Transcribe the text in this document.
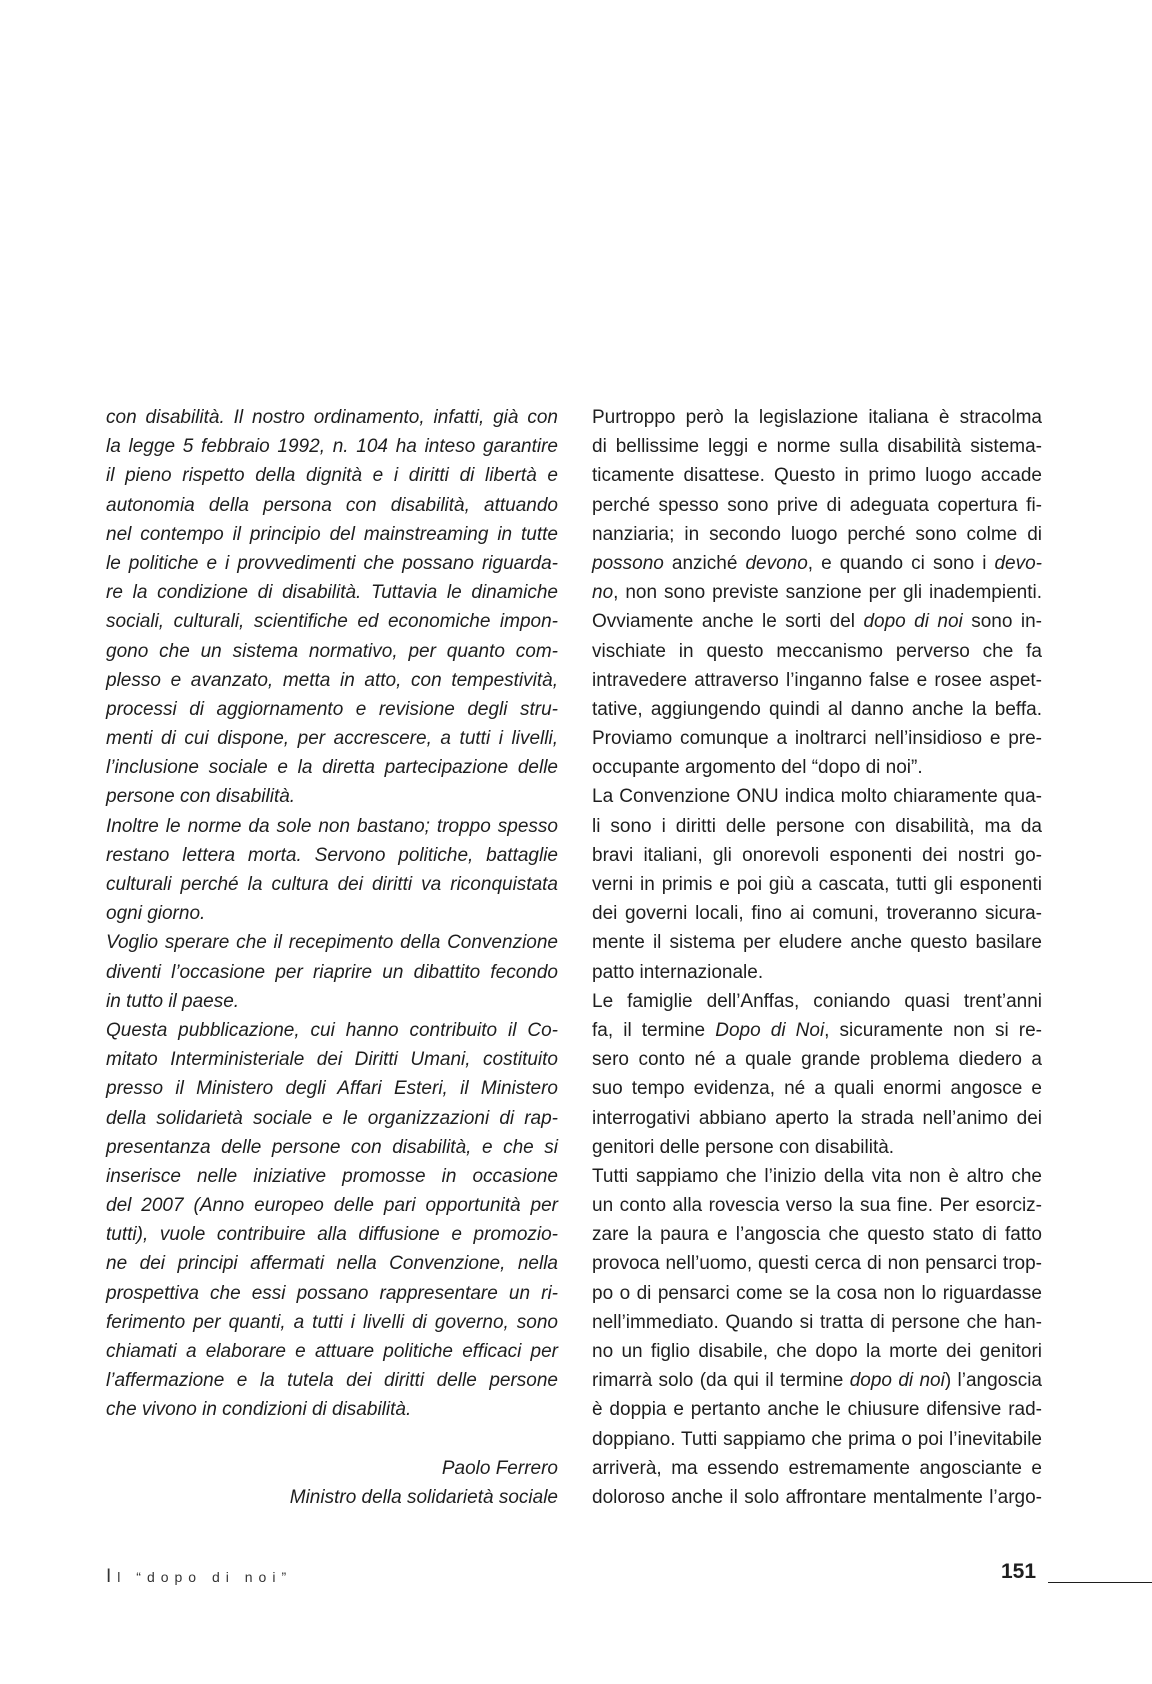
con disabilità. Il nostro ordinamento, infatti, già con
la legge 5 febbraio 1992, n. 104 ha inteso garantire
il pieno rispetto della dignità e i diritti di libertà e
autonomia della persona con disabilità, attuando
nel contempo il principio del mainstreaming in tutte
le politiche e i provvedimenti che possano riguarda-
re la condizione di disabilità. Tuttavia le dinamiche
sociali, culturali, scientifiche ed economiche impon-
gono che un sistema normativo, per quanto com-
plesso e avanzato, metta in atto, con tempestività,
processi di aggiornamento e revisione degli stru-
menti di cui dispone, per accrescere, a tutti i livelli,
l’inclusione sociale e la diretta partecipazione delle
persone con disabilità.
Inoltre le norme da sole non bastano; troppo spesso
restano lettera morta. Servono politiche, battaglie
culturali perché la cultura dei diritti va riconquistata
ogni giorno.
Voglio sperare che il recepimento della Convenzione
diventi l’occasione per riaprire un dibattito fecondo
in tutto il paese.
Questa pubblicazione, cui hanno contribuito il Co-
mitato Interministeriale dei Diritti Umani, costituito
presso il Ministero degli Affari Esteri, il Ministero
della solidarietà sociale e le organizzazioni di rap-
presentanza delle persone con disabilità, e che si
inserisce nelle iniziative promosse in occasione
del 2007 (Anno europeo delle pari opportunità per
tutti), vuole contribuire alla diffusione e promozio-
ne dei principi affermati nella Convenzione, nella
prospettiva che essi possano rappresentare un ri-
ferimento per quanti, a tutti i livelli di governo, sono
chiamati a elaborare e attuare politiche efficaci per
l’affermazione e la tutela dei diritti delle persone
che vivono in condizioni di disabilità.
Paolo Ferrero
Ministro della solidarietà sociale
Purtroppo però la legislazione italiana è stracolma
di bellissime leggi e norme sulla disabilità sistema-
ticamente disattese. Questo in primo luogo accade
perché spesso sono prive di adeguata copertura fi-
nanziaria; in secondo luogo perché sono colme di
possono anziché devono, e quando ci sono i devo-
no, non sono previste sanzione per gli inadempienti.
Ovviamente anche le sorti del dopo di noi sono in-
vischiate in questo meccanismo perverso che fa
intravedere attraverso l’inganno false e rosee aspet-
tative, aggiungendo quindi al danno anche la beffa.
Proviamo comunque a inoltrarci nell’insidioso e pre-
occupante argomento del “dopo di noi”.
La Convenzione ONU indica molto chiaramente qua-
li sono i diritti delle persone con disabilità, ma da
bravi italiani, gli onorevoli esponenti dei nostri go-
verni in primis e poi giù a cascata, tutti gli esponenti
dei governi locali, fino ai comuni, troveranno sicura-
mente il sistema per eludere anche questo basilare
patto internazionale.
Le famiglie dell’Anffas, coniando quasi trent’anni
fa, il termine Dopo di Noi, sicuramente non si re-
sero conto né a quale grande problema diedero a
suo tempo evidenza, né a quali enormi angosce e
interrogativi abbiano aperto la strada nell’animo dei
genitori delle persone con disabilità.
Tutti sappiamo che l’inizio della vita non è altro che
un conto alla rovescia verso la sua fine. Per esorciz-
zare la paura e l’angoscia che questo stato di fatto
provoca nell’uomo, questi cerca di non pensarci trop-
po o di pensarci come se la cosa non lo riguardasse
nell’immediato. Quando si tratta di persone che han-
no un figlio disabile, che dopo la morte dei genitori
rimarrà solo (da qui il termine dopo di noi) l’angoscia
è doppia e pertanto anche le chiusure difensive rad-
doppiano. Tutti sappiamo che prima o poi l’inevitabile
arriverà, ma essendo estremamente angosciante e
doloroso anche il solo affrontare mentalmente l’argo-
Il “dopo di noi”	151
